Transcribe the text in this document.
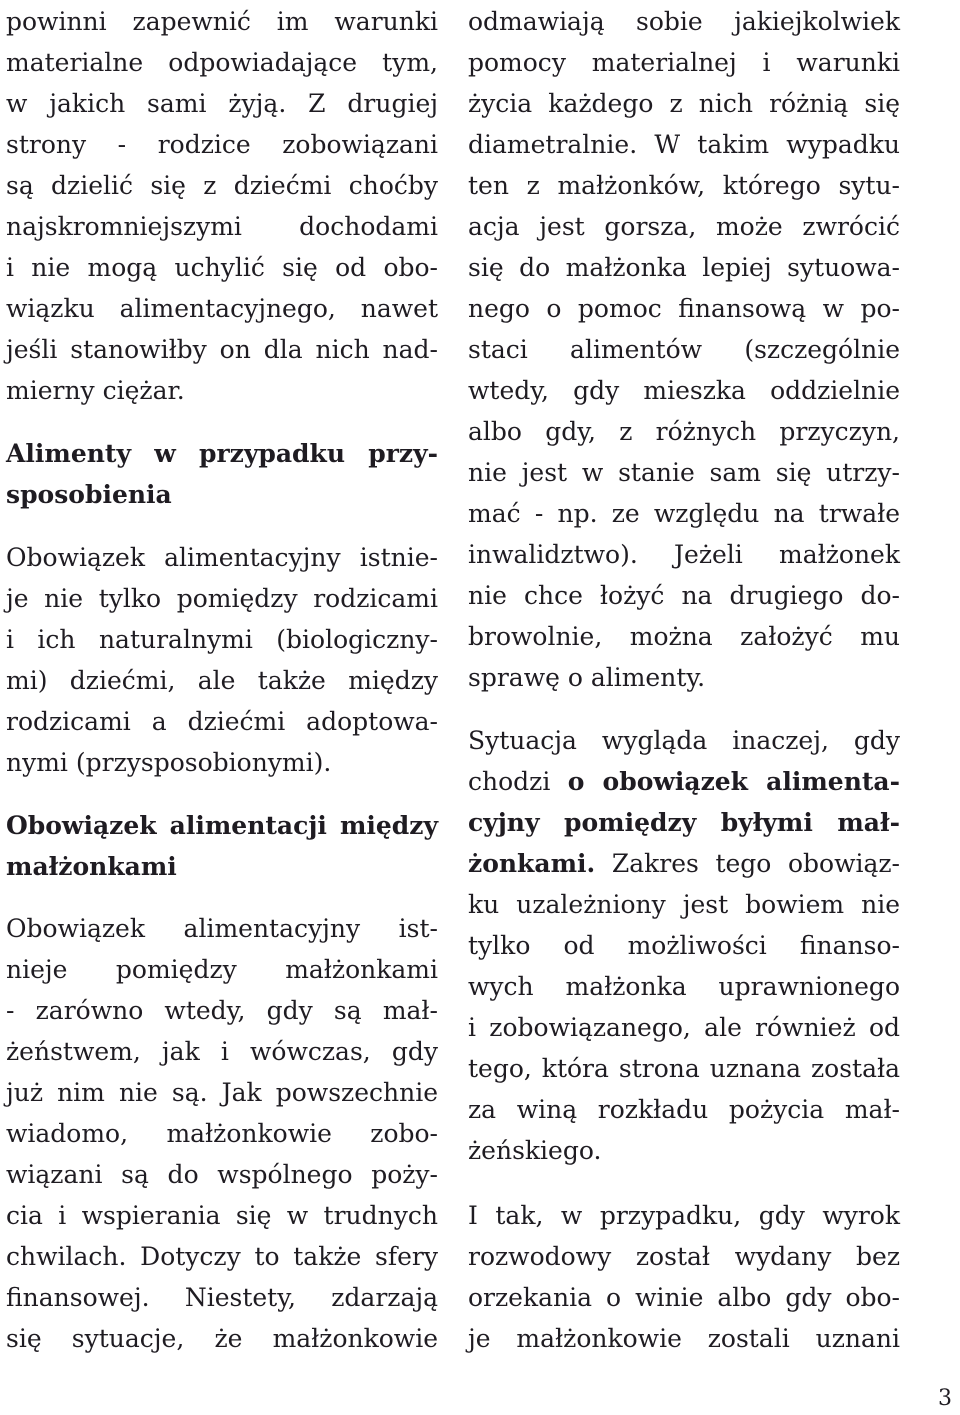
powinni zapewnić im warunki
materialne odpowiadające tym,
w jakich sami żyją. Z drugiej
strony - rodzice zobowiązani
są dzielić się z dziećmi choćby
najskromniejszymi dochodami
i nie mogą uchylić się od obo-
wiązku alimentacyjnego, nawet
jeśli stanowiłby on dla nich nad-
mierny ciężar.
Alimenty w przypadku przy-
sposobienia
Obowiązek alimentacyjny istnie-
je nie tylko pomiędzy rodzicami
i ich naturalnymi (biologiczny-
mi) dziećmi, ale także między
rodzicami a dziećmi adoptowa-
nymi (przysposobionymi).
Obowiązek alimentacji między
małżonkami
Obowiązek alimentacyjny ist-
nieje pomiędzy małżonkami
- zarówno wtedy, gdy są mał-
żeństwem, jak i wówczas, gdy
już nim nie są. Jak powszechnie
wiadomo, małżonkowie zobo-
wiązani są do wspólnego poży-
cia i wspierania się w trudnych
chwilach. Dotyczy to także sfery
finansowej. Niestety, zdarzają
się sytuacje, że małżonkowie
odmawiają sobie jakiejkolwiek
pomocy materialnej i warunki
życia każdego z nich różnią się
diametralnie. W takim wypadku
ten z małżonków, którego sytu-
acja jest gorsza, może zwrócić
się do małżonka lepiej sytuowa-
nego o pomoc finansową w po-
staci alimentów (szczególnie
wtedy, gdy mieszka oddzielnie
albo gdy, z różnych przyczyn,
nie jest w stanie sam się utrzy-
mać - np. ze względu na trwałe
inwalidztwo). Jeżeli małżonek
nie chce łożyć na drugiego do-
browolnie, można założyć mu
sprawę o alimenty.
Sytuacja wygląda inaczej, gdy
chodzi o obowiązek alimenta-
cyjny pomiędzy byłymi mał-
żonkami. Zakres tego obowiąz-
ku uzależniony jest bowiem nie
tylko od możliwości finanso-
wych małżonka uprawnionego
i zobowiązanego, ale również od
tego, która strona uznana została
za winą rozkładu pożycia mał-
żeńskiego.
I tak, w przypadku, gdy wyrok
rozwodowy został wydany bez
orzekania o winie albo gdy obo-
je małżonkowie zostali uznani
3
